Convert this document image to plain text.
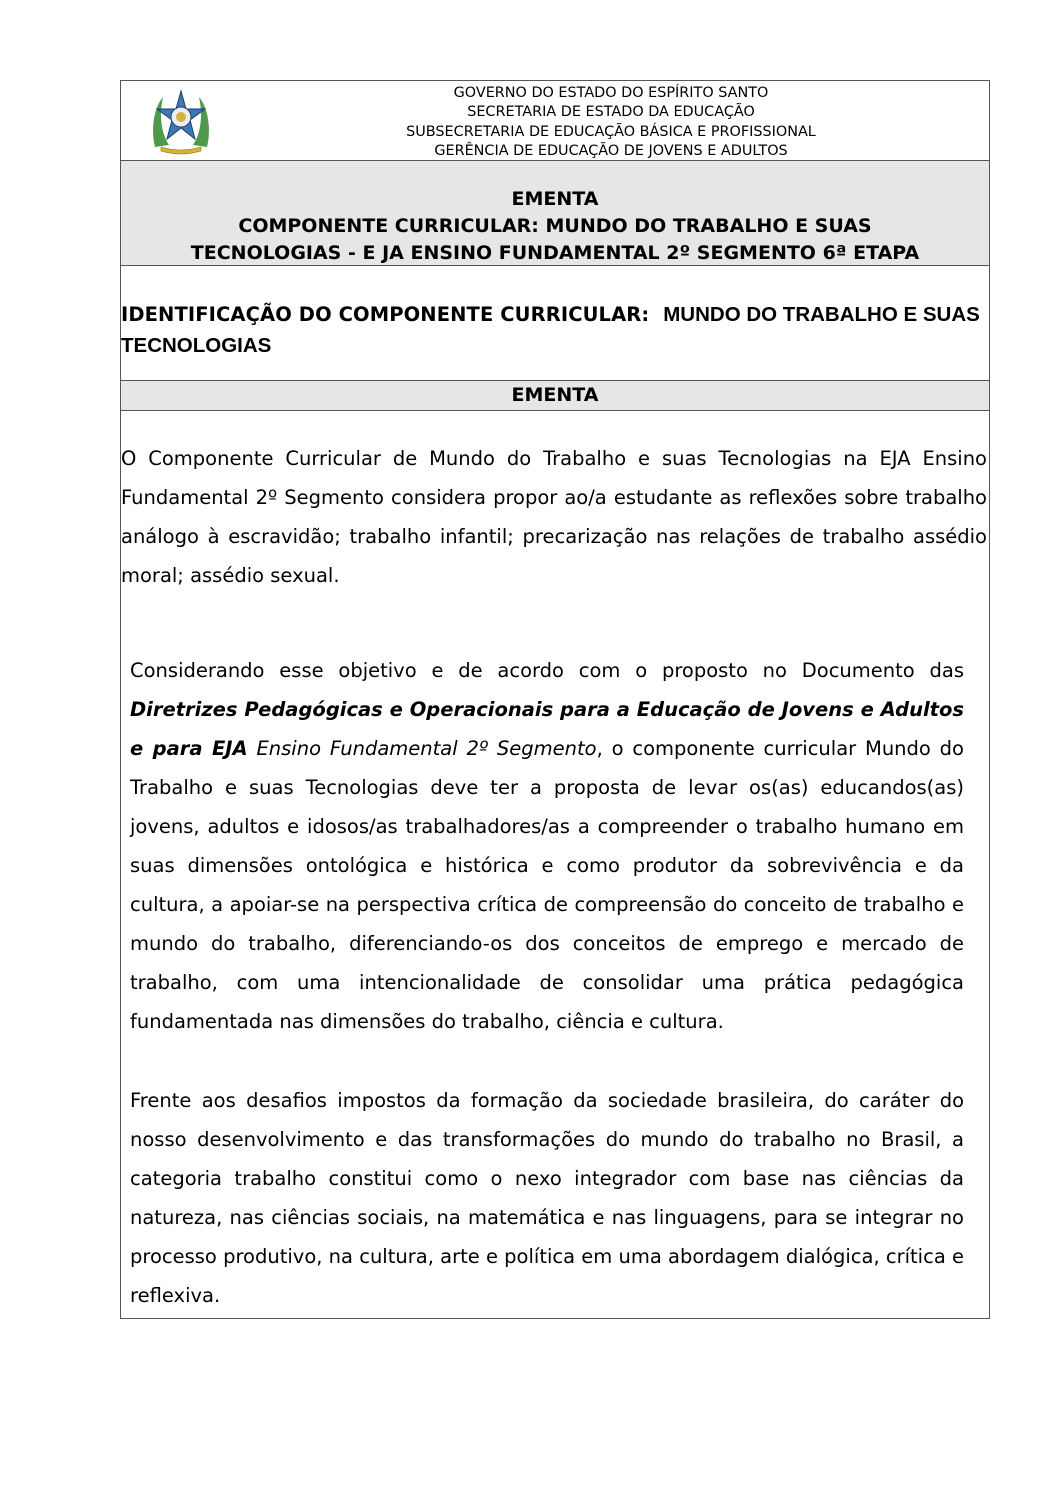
GOVERNO DO ESTADO DO ESPÍRITO SANTO
SECRETARIA DE ESTADO DA EDUCAÇÃO
SUBSECRETARIA DE EDUCAÇÃO BÁSICA E PROFISSIONAL
GERÊNCIA DE EDUCAÇÃO DE JOVENS E ADULTOS
EMENTA
COMPONENTE CURRICULAR: MUNDO DO TRABALHO E SUAS
TECNOLOGIAS - E JA ENSINO FUNDAMENTAL 2º SEGMENTO 6ª ETAPA
IDENTIFICAÇÃO DO COMPONENTE CURRICULAR: MUNDO DO TRABALHO E SUAS TECNOLOGIAS
EMENTA

O Componente Curricular de Mundo do Trabalho e suas Tecnologias na EJA Ensino Fundamental 2º Segmento considera propor ao/a estudante as reflexões sobre trabalho análogo à escravidão; trabalho infantil; precarização nas relações de trabalho assédio moral; assédio sexual.

Considerando esse objetivo e de acordo com o proposto no Documento das Diretrizes Pedagógicas e Operacionais para a Educação de Jovens e Adultos e para EJA Ensino Fundamental 2º Segmento, o componente curricular Mundo do Trabalho e suas Tecnologias deve ter a proposta de levar os(as) educandos(as) jovens, adultos e idosos/as trabalhadores/as a compreender o trabalho humano em suas dimensões ontológica e histórica e como produtor da sobrevivência e da cultura, a apoiar-se na perspectiva crítica de compreensão do conceito de trabalho e mundo do trabalho, diferenciando-os dos conceitos de emprego e mercado de trabalho, com uma intencionalidade de consolidar uma prática pedagógica fundamentada nas dimensões do trabalho, ciência e cultura.

Frente aos desafios impostos da formação da sociedade brasileira, do caráter do nosso desenvolvimento e das transformações do mundo do trabalho no Brasil, a categoria trabalho constitui como o nexo integrador com base nas ciências da natureza, nas ciências sociais, na matemática e nas linguagens, para se integrar no processo produtivo, na cultura, arte e política em uma abordagem dialógica, crítica e reflexiva.
